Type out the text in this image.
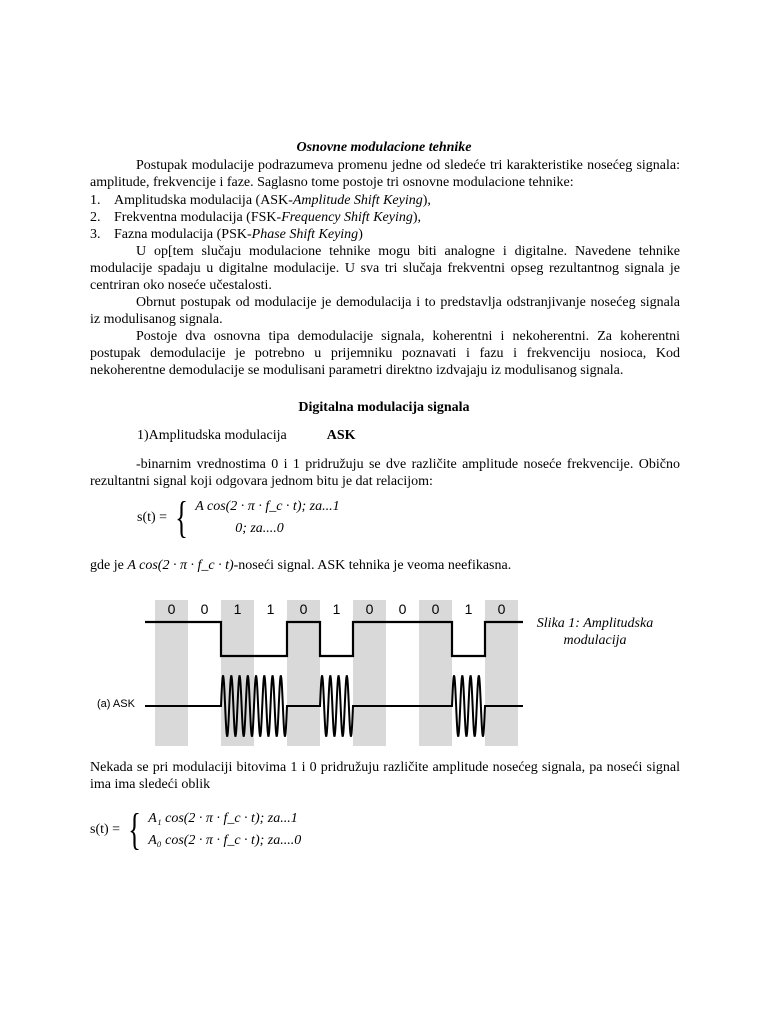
Osnovne modulacione tehnike
Postupak modulacije podrazumeva promenu jedne od sledeće tri karakteristike nosećeg signala: amplitude, frekvencije i faze. Saglasno tome postoje tri osnovne modulacione tehnike:
1. Amplitudska modulacija (ASK-Amplitude Shift Keying),
2. Frekventna modulacija (FSK-Frequency Shift Keying),
3. Fazna modulacija (PSK-Phase Shift Keying)
U op[tem slučaju modulacione tehnike mogu biti analogne i digitalne. Navedene tehnike modulacije spadaju u digitalne modulacije. U sva tri slučaja frekventni opseg rezultantnog signala je centriran oko noseće učestalosti.
Obrnut postupak od modulacije je demodulacija i to predstavlja odstranjivanje nosećeg signala iz modulisanog signala.
Postoje dva osnovna tipa demodulacije signala, koherentni i nekoherentni. Za koherentni postupak demodulacije je potrebno u prijemniku poznavati i fazu i frekvenciju nosioca, Kod nekoherentne demodulacije se modulisani parametri direktno izdvajaju iz modulisanog signala.
Digitalna modulacija signala
1)Amplitudska modulacija	ASK
-binarnim vrednostima 0 i 1 pridružuju se dve različite amplitude noseće frekvencije. Obično rezultantni signal koji odgovara jednom bitu je dat relacijom:
s(t) = { A cos(2 · π · f_c · t); za...1
0; za....0
gde je A cos(2 · π · f_c · t)-noseći signal. ASK tehnika je veoma neefikasna.
0 0 1 1 0 1 0 0 0 1 0
(a) ASK
Slika 1: Amplitudska
modulacija
Nekada se pri modulaciji bitovima 1 i 0 pridružuju različite amplitude nosećeg signala, pa noseći signal ima ima sledeći oblik
s(t) = { A₁ cos(2 · π · f_c · t); za...1
A₀ cos(2 · π · f_c · t); za....0
